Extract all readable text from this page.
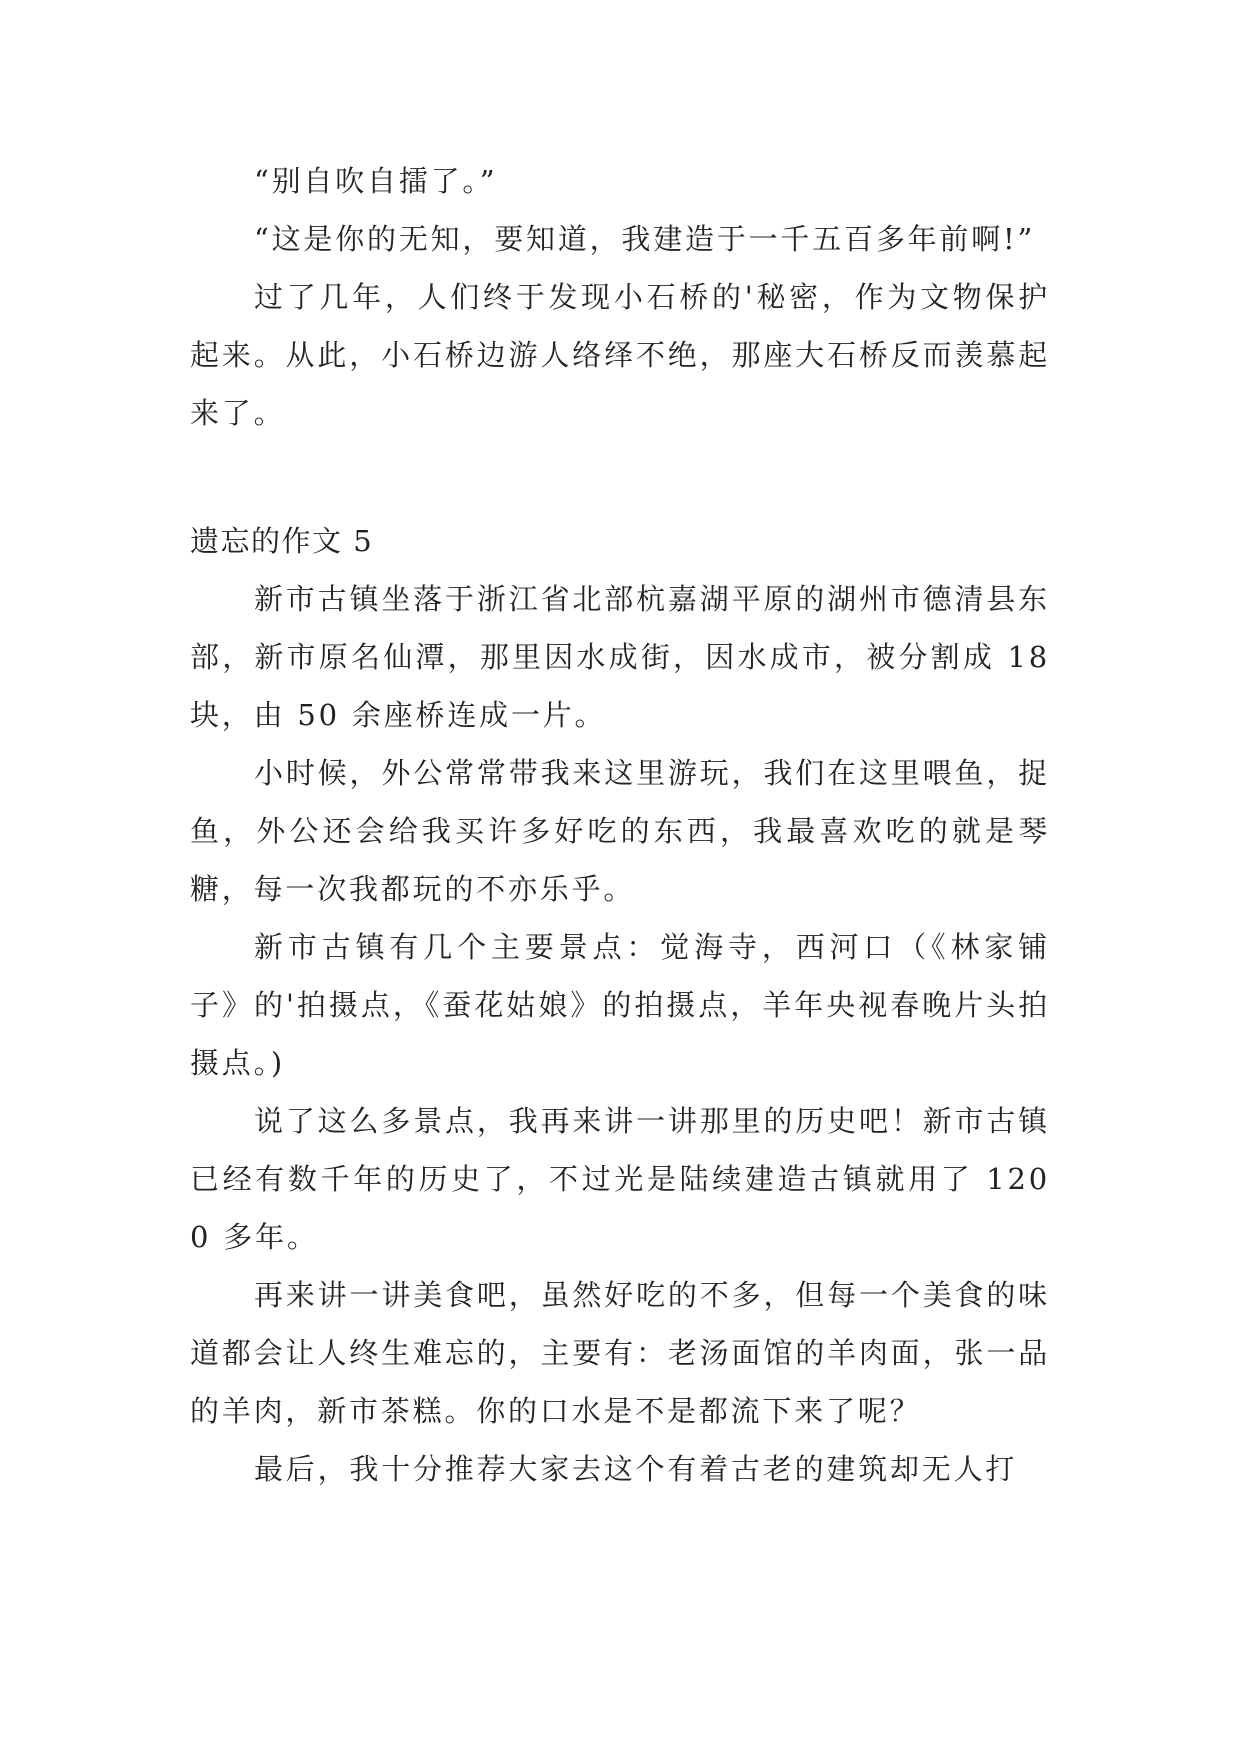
“别自吹自擂了。”

“这是你的无知，要知道，我建造于一千五百多年前啊!”

过了几年，人们终于发现小石桥的'秘密，作为文物保护起来。从此，小石桥边游人络绎不绝，那座大石桥反而羡慕起来了。

遗忘的作文 5

新市古镇坐落于浙江省北部杭嘉湖平原的湖州市德清县东部，新市原名仙潭，那里因水成街，因水成市，被分割成 18 块，由 50 余座桥连成一片。

小时候，外公常常带我来这里游玩，我们在这里喂鱼，捉鱼，外公还会给我买许多好吃的东西，我最喜欢吃的就是琴糖，每一次我都玩的不亦乐乎。

新市古镇有几个主要景点：觉海寺，西河口（《林家铺子》的'拍摄点，《蚕花姑娘》的拍摄点，羊年央视春晚片头拍摄点。)

说了这么多景点，我再来讲一讲那里的历史吧！新市古镇已经有数千年的历史了，不过光是陆续建造古镇就用了 1200 多年。

再来讲一讲美食吧，虽然好吃的不多，但每一个美食的味道都会让人终生难忘的，主要有：老汤面馆的羊肉面，张一品的羊肉，新市茶糕。你的口水是不是都流下来了呢？

最后，我十分推荐大家去这个有着古老的建筑却无人打
